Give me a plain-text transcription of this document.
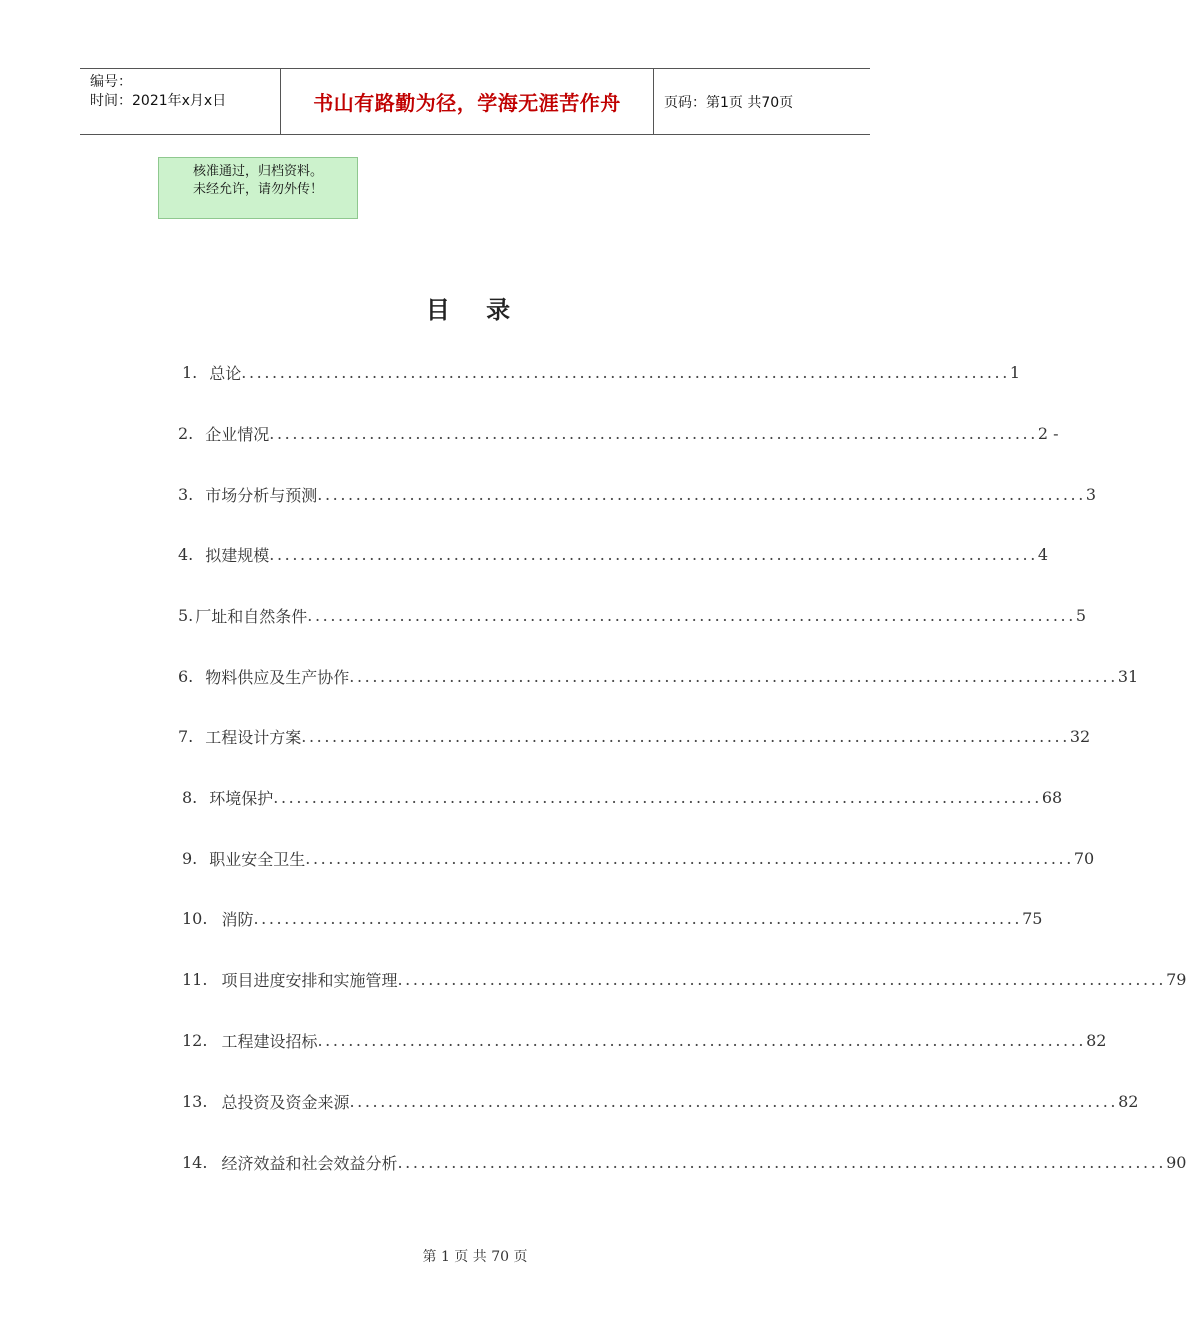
编号：
时间：2021年x月x日	书山有路勤为径，学海无涯苦作舟	页码：第1页 共70页
核准通过，归档资料。
未经允许，请勿外传！
目 录
1. 总论 .................................................................................................... 1
2. 企业情况 .................................................................................................... 2 -
3. 市场分析与预测 .................................................................................................... 3
4. 拟建规模 .................................................................................................... 4
5. 厂址和自然条件 .................................................................................................... 5
6. 物料供应及生产协作 .................................................................................................... 31
7. 工程设计方案 .................................................................................................... 32
8. 环境保护 .................................................................................................... 68
9. 职业安全卫生 .................................................................................................... 70
10. 消防 .................................................................................................... 75
11. 项目进度安排和实施管理 .................................................................................................... 79
12. 工程建设招标 .................................................................................................... 82
13. 总投资及资金来源 .................................................................................................... 82
14. 经济效益和社会效益分析 .................................................................................................... 90
第 1 页 共 70 页
